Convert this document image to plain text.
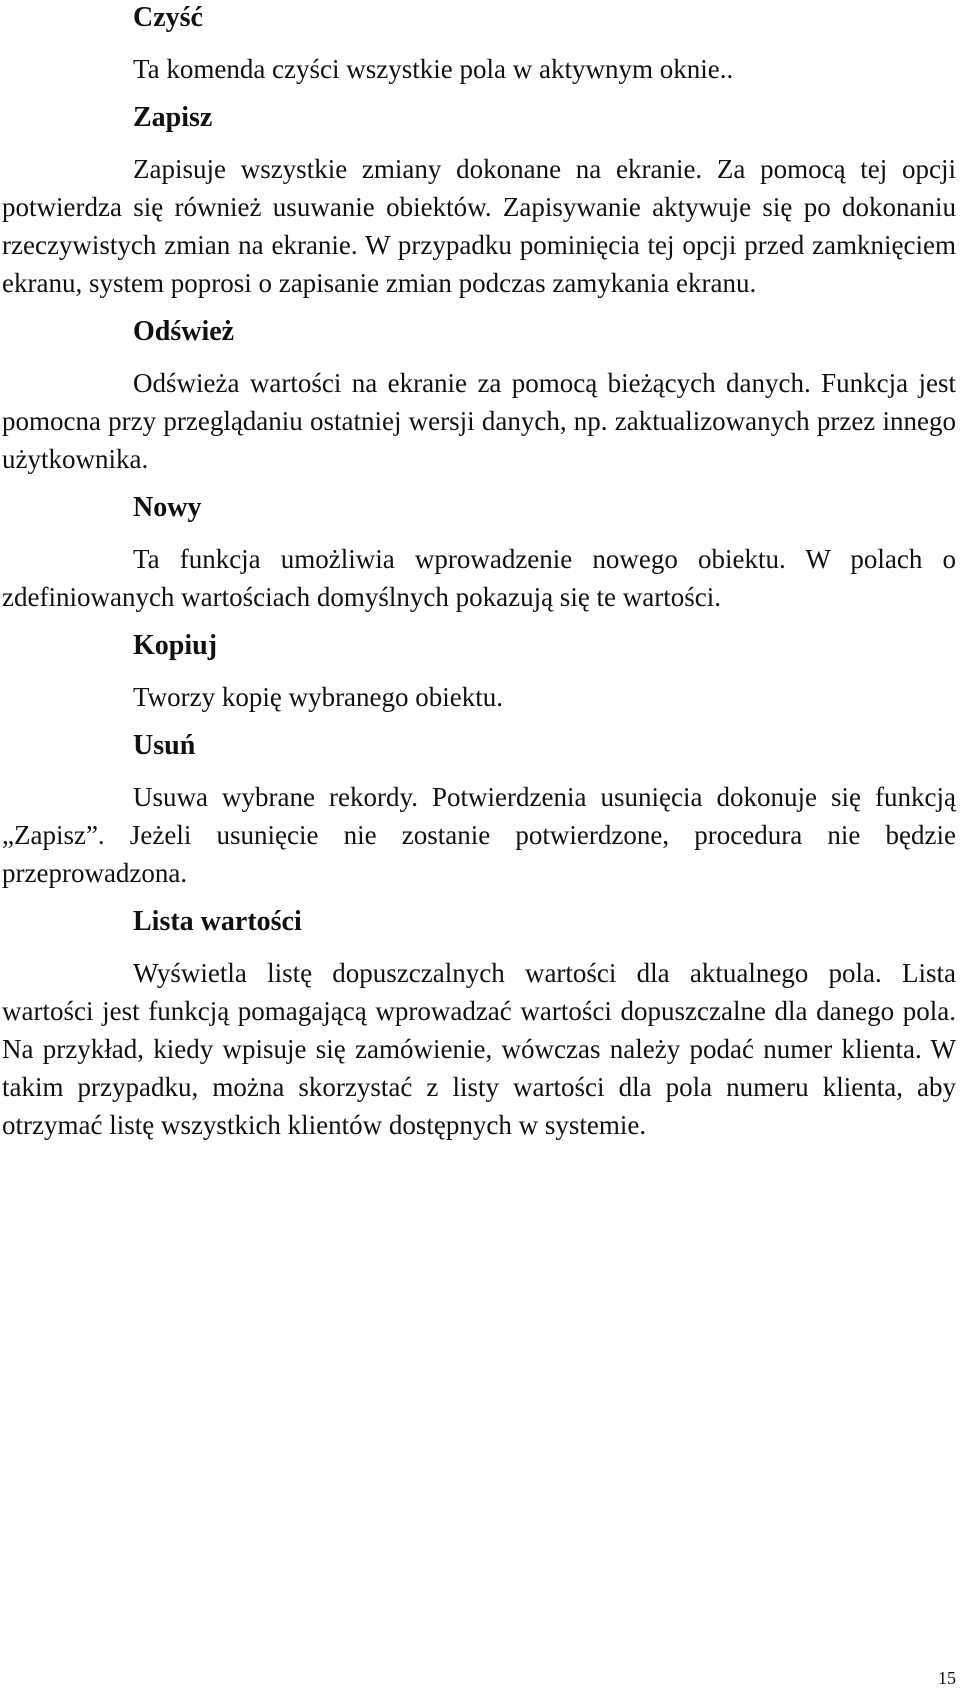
Czyść

Ta komenda czyści wszystkie pola w aktywnym oknie..

Zapisz

Zapisuje wszystkie zmiany dokonane na ekranie. Za pomocą tej opcji potwierdza się również usuwanie obiektów. Zapisywanie aktywuje się po dokonaniu rzeczywistych zmian na ekranie. W przypadku pominięcia tej opcji przed zamknięciem ekranu, system poprosi o zapisanie zmian podczas zamykania ekranu.

Odśwież

Odświeża wartości na ekranie za pomocą bieżących danych. Funkcja jest pomocna przy przeglądaniu ostatniej wersji danych, np. zaktualizowanych przez innego użytkownika.

Nowy

Ta funkcja umożliwia wprowadzenie nowego obiektu. W polach o zdefiniowanych wartościach domyślnych pokazują się te wartości.

Kopiuj

Tworzy kopię wybranego obiektu.

Usuń

Usuwa wybrane rekordy. Potwierdzenia usunięcia dokonuje się funkcją „Zapisz”. Jeżeli usunięcie nie zostanie potwierdzone, procedura nie będzie przeprowadzona.

Lista wartości

Wyświetla listę dopuszczalnych wartości dla aktualnego pola. Lista wartości jest funkcją pomagającą wprowadzać wartości dopuszczalne dla danego pola. Na przykład, kiedy wpisuje się zamówienie, wówczas należy podać numer klienta. W takim przypadku, można skorzystać z listy wartości dla pola numeru klienta, aby otrzymać listę wszystkich klientów dostępnych w systemie.

15
